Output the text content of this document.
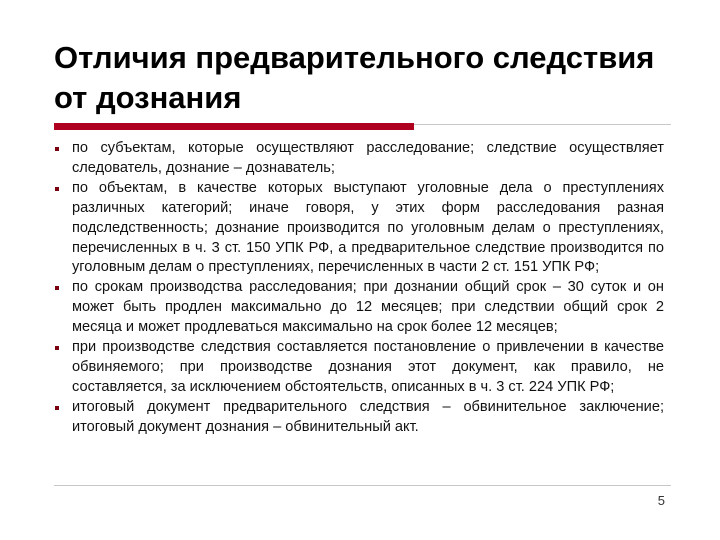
Отличия предварительного следствия от дознания
по субъектам, которые осуществляют расследование; следствие осуществляет следователь, дознание – дознаватель;
по объектам, в качестве которых выступают уголовные дела о преступлениях различных категорий; иначе говоря, у этих форм расследования разная подследственность; дознание производится по уголовным делам о преступлениях, перечисленных в ч. 3 ст. 150 УПК РФ, а предварительное следствие производится по уголовным делам о преступлениях, перечисленных в части 2 ст. 151 УПК РФ;
по срокам производства расследования; при дознании общий срок – 30 суток и он может быть продлен максимально до 12 месяцев; при следствии общий срок 2 месяца и может продлеваться максимально на срок более 12 месяцев;
при производстве следствия составляется постановление о привлечении в качестве обвиняемого; при производстве дознания этот документ, как правило, не составляется, за исключением обстоятельств, описанных в ч. 3 ст. 224 УПК РФ;
итоговый документ предварительного следствия – обвинительное заключение; итоговый документ дознания – обвинительный акт.
5
